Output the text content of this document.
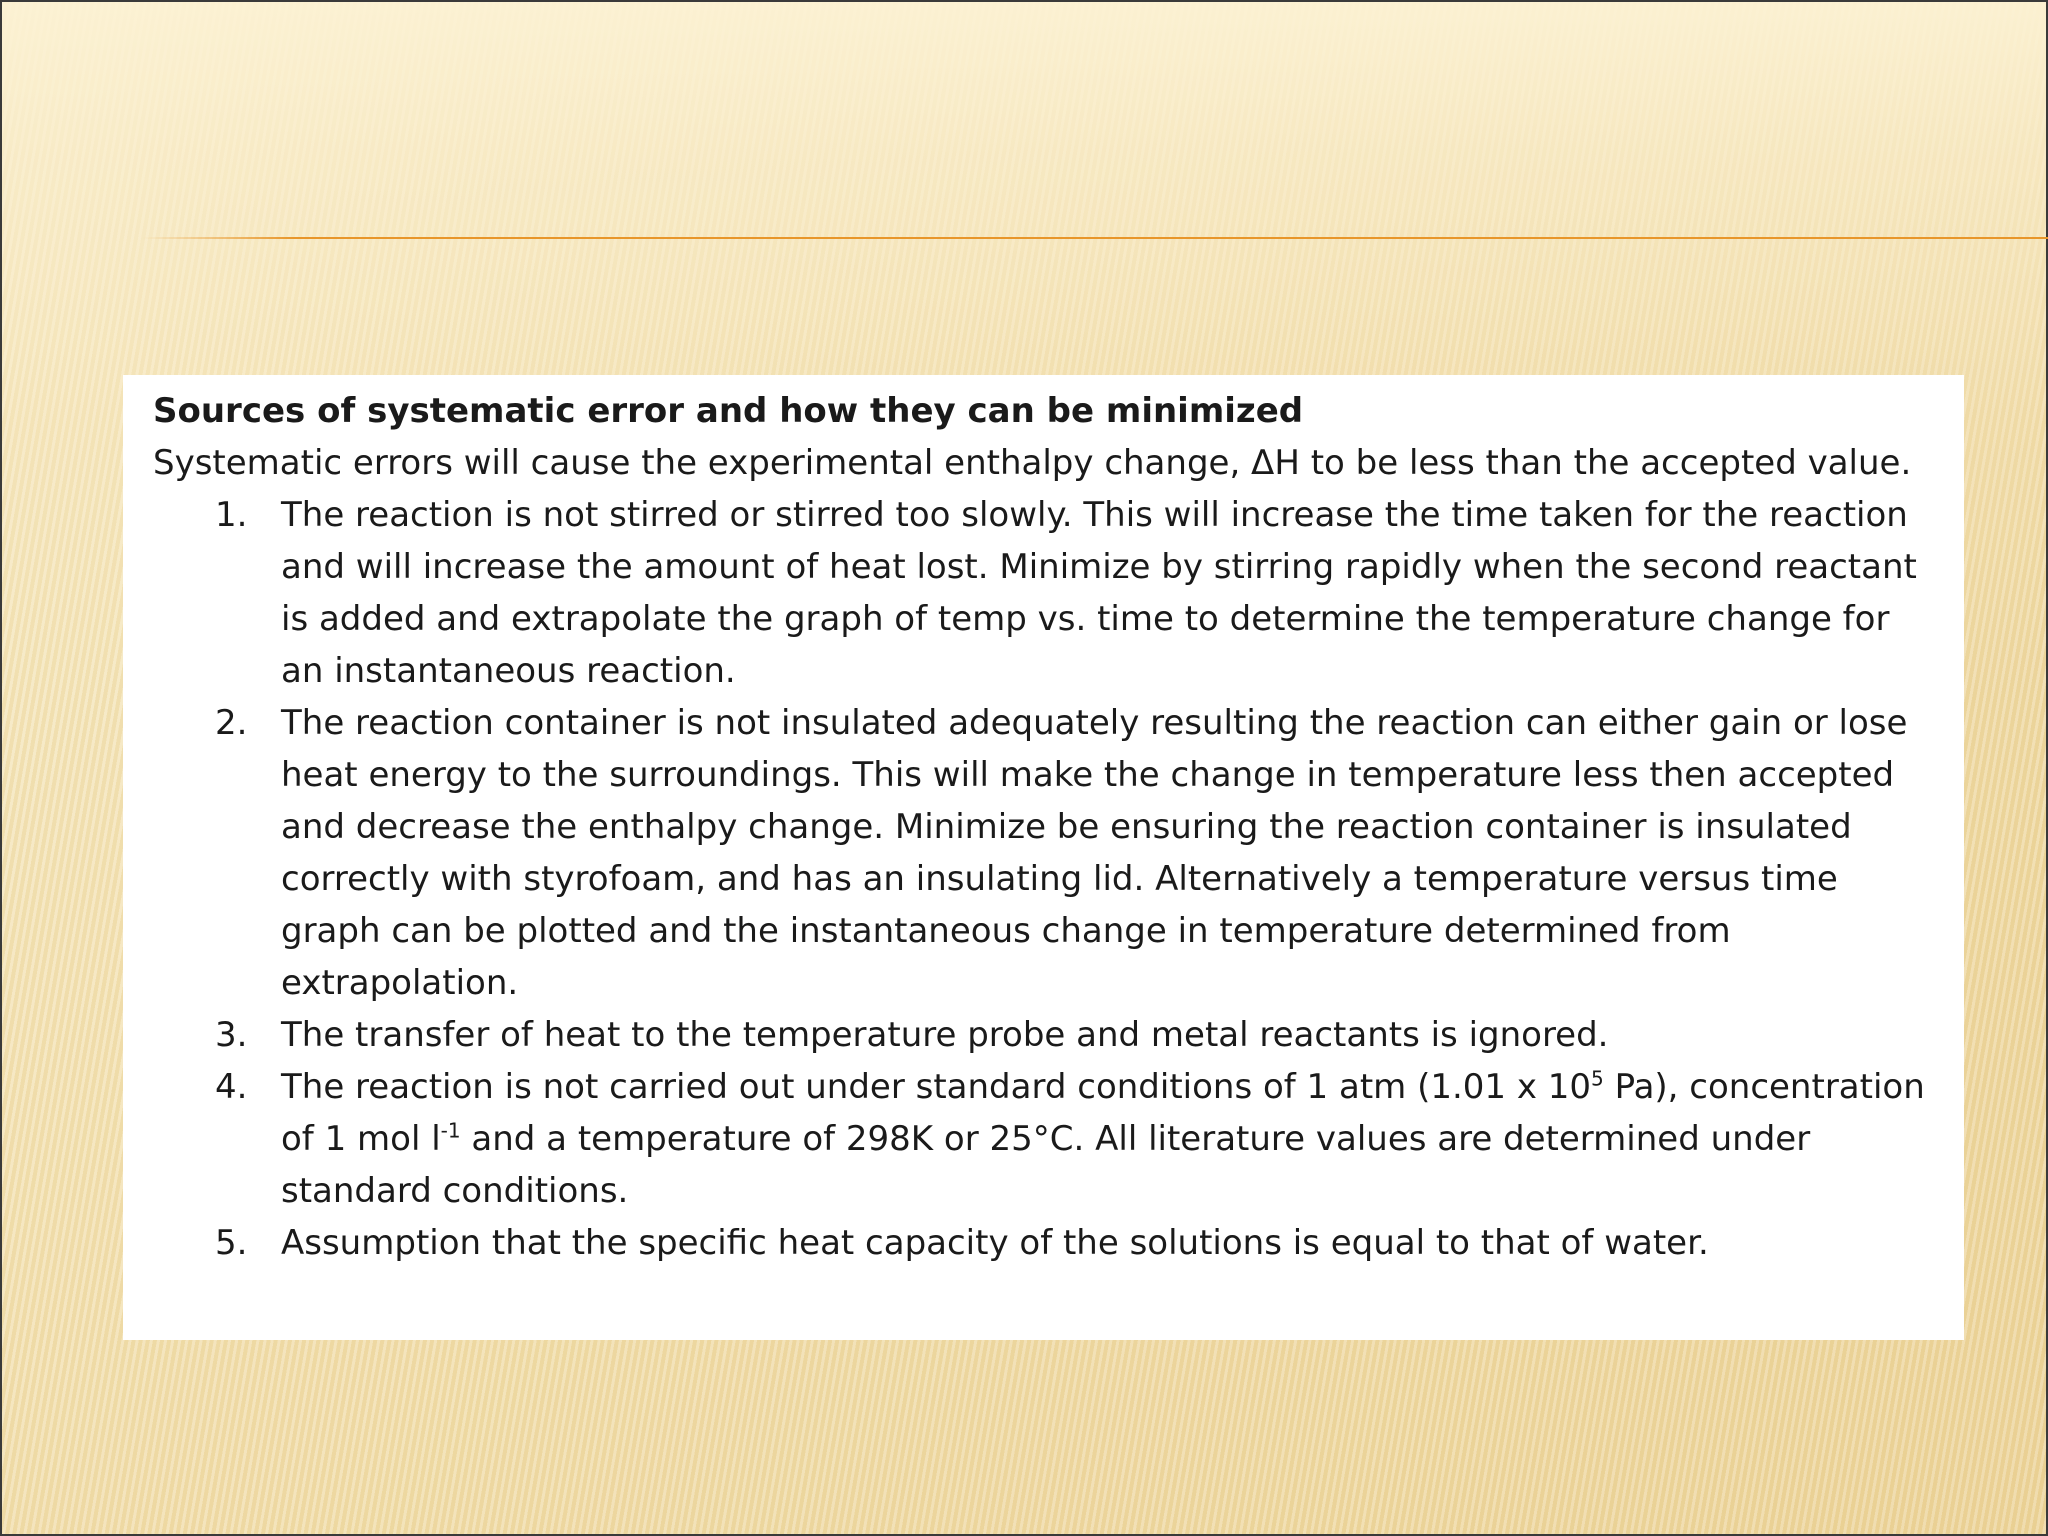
Sources of systematic error and how they can be minimized

Systematic errors will cause the experimental enthalpy change, ΔH to be less than the accepted value.

1. The reaction is not stirred or stirred too slowly. This will increase the time taken for the reaction and will increase the amount of heat lost. Minimize by stirring rapidly when the second reactant is added and extrapolate the graph of temp vs. time to determine the temperature change for an instantaneous reaction.
2. The reaction container is not insulated adequately resulting the reaction can either gain or lose heat energy to the surroundings. This will make the change in temperature less then accepted and decrease the enthalpy change. Minimize be ensuring the reaction container is insulated correctly with styrofoam, and has an insulating lid. Alternatively a temperature versus time graph can be plotted and the instantaneous change in temperature determined from extrapolation.
3. The transfer of heat to the temperature probe and metal reactants is ignored.
4. The reaction is not carried out under standard conditions of 1 atm (1.01 x $10^5$ Pa), concentration of 1 mol $l^{-1}$ and a temperature of 298K or 25°C. All literature values are determined under standard conditions.
5. Assumption that the specific heat capacity of the solutions is equal to that of water.
